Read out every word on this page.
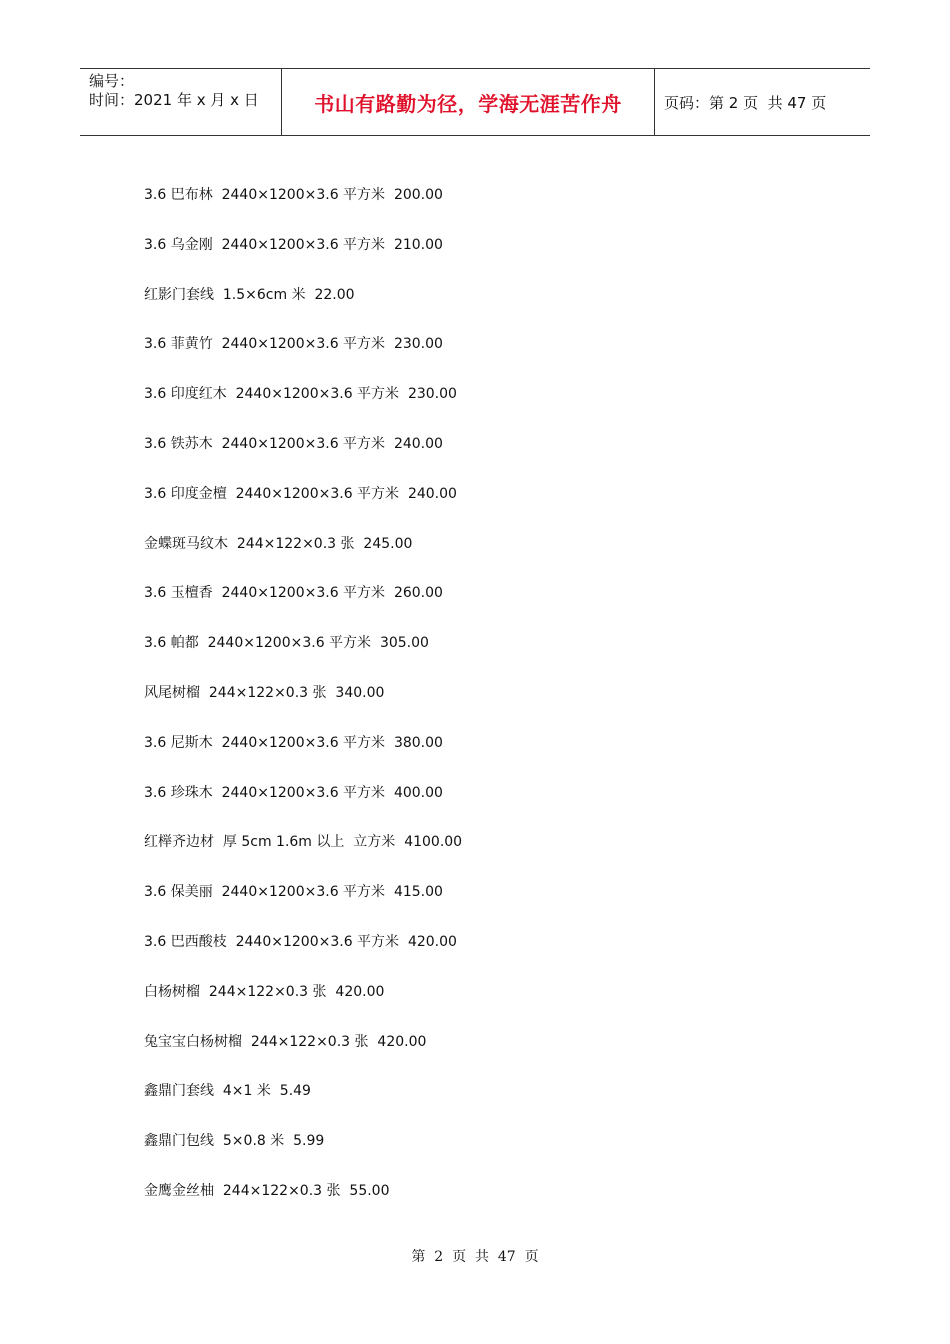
编号：
时间：2021 年 x 月 x 日	书山有路勤为径，学海无涯苦作舟	页码：第 2 页  共 47 页
3.6 巴布林  2440×1200×3.6 平方米  200.00
3.6 乌金刚  2440×1200×3.6 平方米  210.00
红影门套线  1.5×6cm 米  22.00
3.6 菲黄竹  2440×1200×3.6 平方米  230.00
3.6 印度红木  2440×1200×3.6 平方米  230.00
3.6 铁苏木  2440×1200×3.6 平方米  240.00
3.6 印度金檀  2440×1200×3.6 平方米  240.00
金蝶斑马纹木  244×122×0.3 张  245.00
3.6 玉檀香  2440×1200×3.6 平方米  260.00
3.6 帕都  2440×1200×3.6 平方米  305.00
风尾树榴  244×122×0.3 张  340.00
3.6 尼斯木  2440×1200×3.6 平方米  380.00
3.6 珍珠木  2440×1200×3.6 平方米  400.00
红榉齐边材  厚 5cm 1.6m 以上  立方米  4100.00
3.6 保美丽  2440×1200×3.6 平方米  415.00
3.6 巴西酸枝  2440×1200×3.6 平方米  420.00
白杨树榴  244×122×0.3 张  420.00
兔宝宝白杨树榴  244×122×0.3 张  420.00
鑫鼎门套线  4×1 米  5.49
鑫鼎门包线  5×0.8 米  5.99
金鹰金丝柚  244×122×0.3 张  55.00
第  2  页  共  47  页
